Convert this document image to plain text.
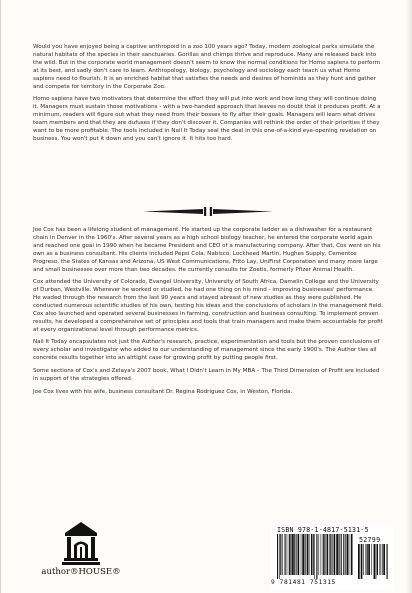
Would you have enjoyed being a captive anthropoid in a zoo 100 years ago? Today, modern zoological parks simulate the natural habitats of the species in their sanctuaries. Gorillas and chimps thrive and reproduce. Many are released back into the wild. But in the corporate world management doesn't seem to know the normal conditions for Homo sapiens to perform at its best, and sadly don't care to learn. Anthropology, biology, psychology and sociology each teach us what Homo sapiens need to flourish. It is an enriched habitat that satisfies the needs and desires of hominids as they hunt and gather and compete for territory in the Corporate Zoo.

Homo sapiens have two motivators that determine the effort they will put into work and how long they will continue doing it. Managers must sustain those motivations - with a two-handed approach that leaves no doubt that it produces profit. At a minimum, readers will figure out what they need from their bosses to fly after their goals. Managers will learn what drives team members and that they are dufuses if they don't discover it. Companies will rethink the order of their priorities if they want to be more profitable. The tools included in Nail It Today seal the deal in this one-of-a-kind eye-opening revelation on business. You won't put it down and you can't ignore it. It hits too hard.

Joe Cox has been a lifelong student of management. He started up the corporate ladder as a dishwasher for a restaurant chain in Denver in the 1960's. After several years as a high school biology teacher, he entered the corporate world again and reached one goal in 1990 when he became President and CEO of a manufacturing company. After that, Cox went on his own as a business consultant. His clients included Pepsi Cola, Nabisco, Lockheed Martin, Hughes Supply, Cementos Progreso, the States of Kansas and Arizona, US West Communications, Frito Lay, UniFirst Corporation and many more large and small businesses over more than two decades. He currently consults for Zoetis, formerly Pfizer Animal Health.

Cox attended the University of Colorado, Evangel University, University of South Africa, Damelin College and the University of Durban, Westville. Wherever he worked or studied, he had one thing on his mind - improving businesses' performance. He waded through the research from the last 90 years and stayed abreast of new studies as they were published. He conducted numerous scientific studies of his own, testing his ideas and the conclusions of scholars in the management field. Cox also launched and operated several businesses in farming, construction and business consulting. To implement proven results, he developed a comprehensive set of principles and tools that train managers and make them accountable for profit at every organizational level through performance metrics.

Nail It Today encapsulates not just the Author's research, practice, experimentation and tools but the proven conclusions of every scholar and investigator who added to our understanding of management since the early 1900's. The Author ties all concrete results together into an airtight case for growing profit by putting people first.

Some sections of Cox's and Zelaya's 2007 book, What I Didn't Learn in My MBA – The Third Dimension of Profit are included in support of the strategies offered.

Joe Cox lives with his wife, business consultant Dr. Regina Rodriguez Cox, in Weston, Florida.

author®HOUSE®
ISBN 978-1-4817-5131-5
52799
9 781481 751315
